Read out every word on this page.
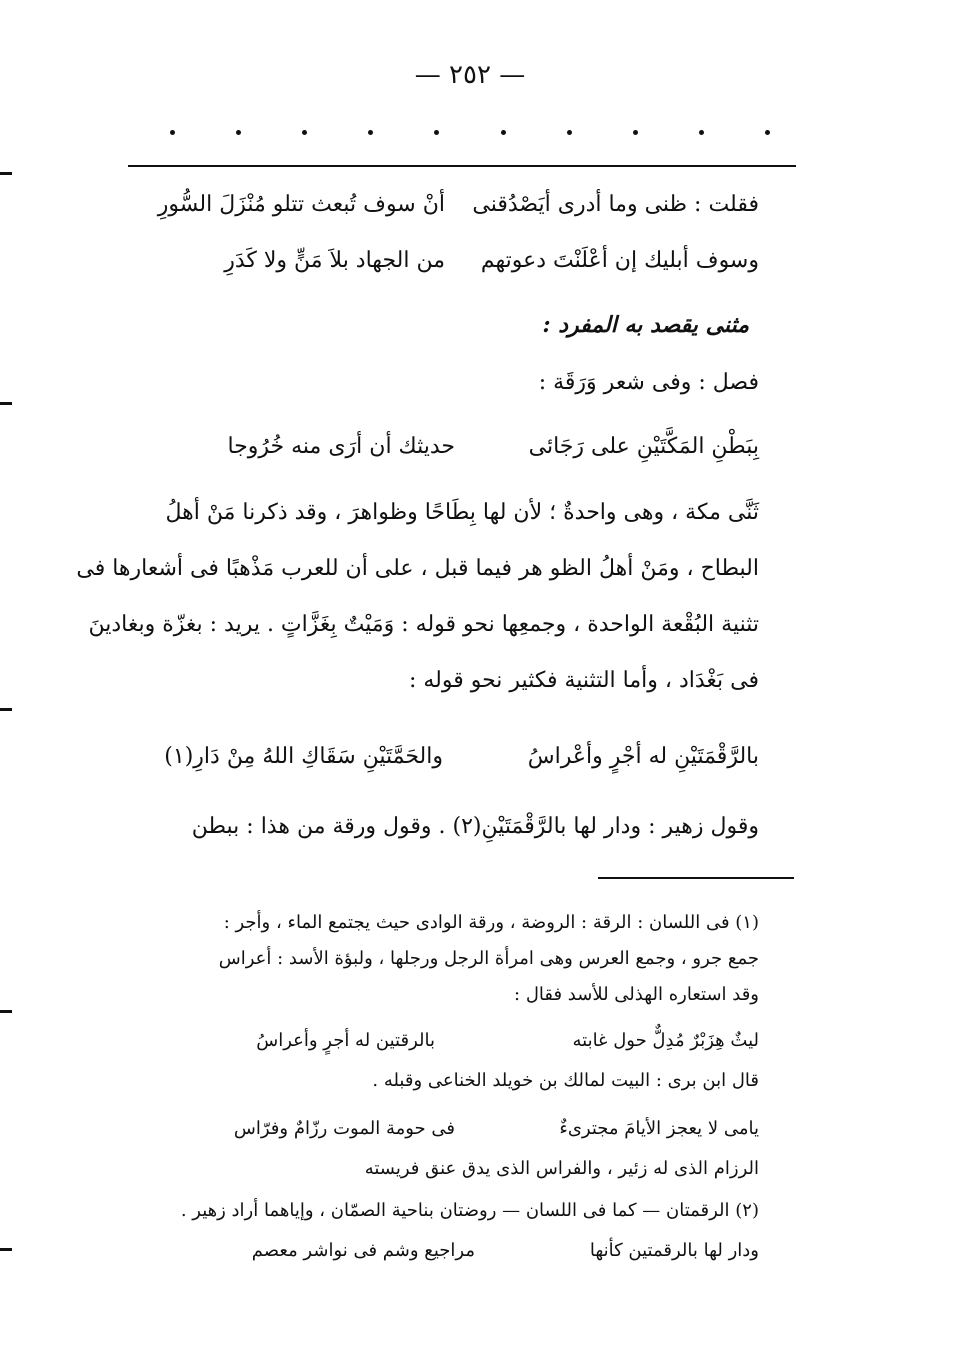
— ٢٥٢ —
فقلت : ظنى وما أدرى أيَصْدُقنى
أنْ سوف تُبعث تتلو مُنْزَلَ السُّورِ
وسوف أبليك إن أعْلَنْتَ دعوتهم
من الجهاد بلاَ مَنٍّ ولا كَدَرِ
مثنى يقصد به المفرد :
فصل : وفى شعر وَرَقَة :
بِبَطْنِ المَكَّتَيْنِ على رَجَائى
حديثك أن أرَى منه خُرُوجا
ثَنَّى مكة ، وهى واحدةٌ ؛ لأن لها بِطَاحًا وظواهرَ ، وقد ذكرنا مَنْ أهلُ
البطاح ، ومَنْ أهلُ الظو هر فيما قبل ، على أن للعرب مَذْهبًا فى أشعارها فى
تثنية البُقْعة الواحدة ، وجمعِها نحو قوله : وَمَيْتٌ بِغَزَّاتٍ . يريد : بغزّة وبغادينَ
فى بَغْدَاد ، وأما التثنية فكثير نحو قوله :
بالرَّقْمَتَيْنِ له أجْرٍ وأعْراسُ
والحَمَّتَيْنِ سَقَاكِ اللهُ مِنْ دَارِ(١)
وقول زهير : ودار لها بالرَّقْمَتَيْنِ(٢) . وقول ورقة من هذا : ببطن
(١) فى اللسان : الرقة : الروضة ، ورقة الوادى حيث يجتمع الماء ، وأجر :
جمع جرو ، وجمع العرس وهى امرأة الرجل ورجلها ، ولبؤة الأسد : أعراس
وقد استعاره الهذلى للأسد فقال :
ليثٌ هِزَبْرٌ مُدِلٌّ حول غابته
بالرقتين له أجرٍ وأعراسُ
قال ابن برى : البيت لمالك بن خويلد الخناعى وقبله .
يامى لا يعجز الأيامَ مجترىءٌ
فى حومة الموت رزّامٌ وفرّاس
الرزام الذى له زئير ، والفراس الذى يدق عنق فريسته
(٢) الرقمتان — كما فى اللسان — روضتان بناحية الصمّان ، وإياهما أراد زهير .
ودار لها بالرقمتين كأنها
مراجيع وشم فى نواشر معصم
